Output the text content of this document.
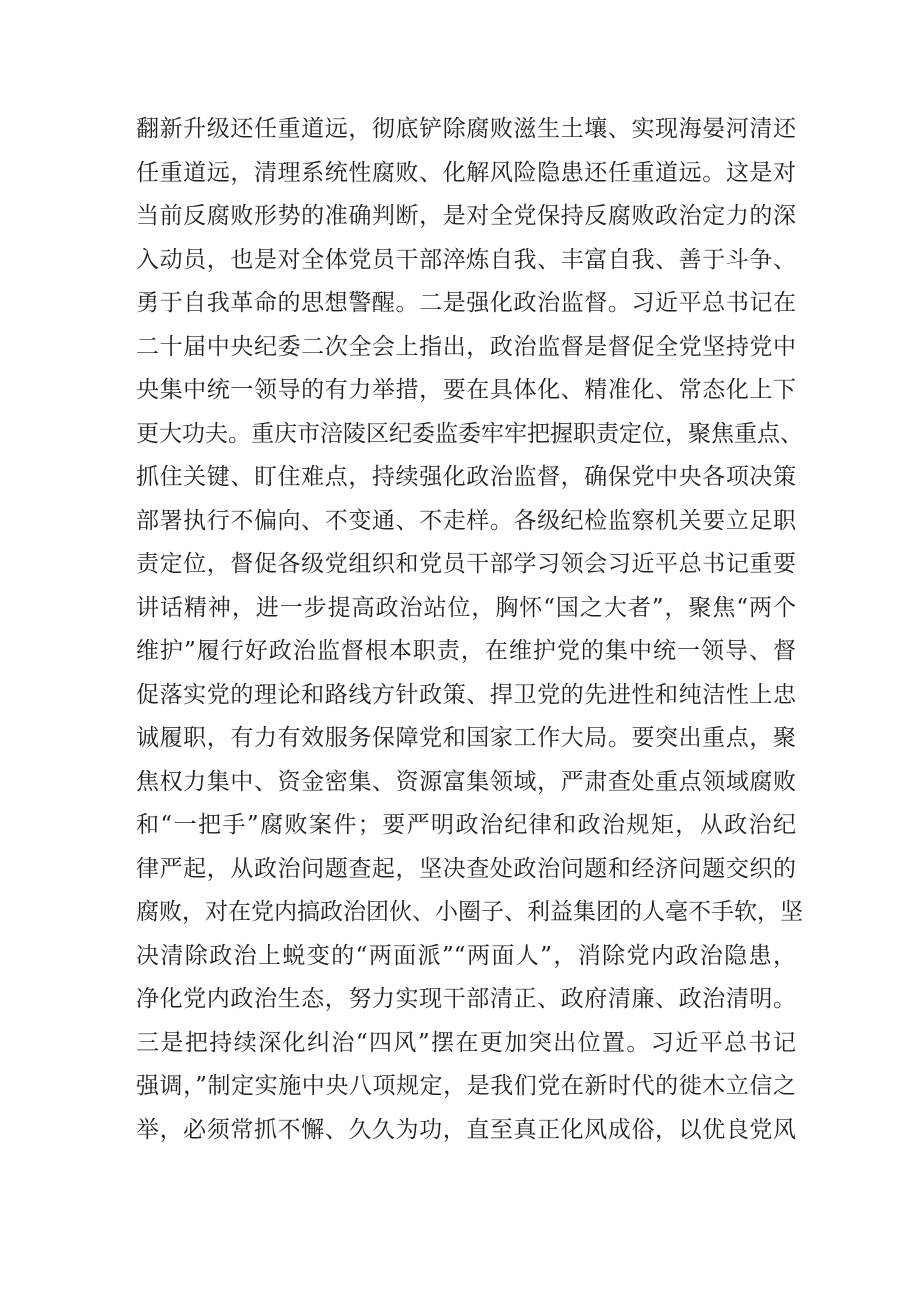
翻新升级还任重道远，彻底铲除腐败滋生土壤、实现海晏河清还
任重道远，清理系统性腐败、化解风险隐患还任重道远。这是对
当前反腐败形势的准确判断，是对全党保持反腐败政治定力的深
入动员，也是对全体党员干部淬炼自我、丰富自我、善于斗争、
勇于自我革命的思想警醒。二是强化政治监督。习近平总书记在
二十届中央纪委二次全会上指出，政治监督是督促全党坚持党中
央集中统一领导的有力举措，要在具体化、精准化、常态化上下
更大功夫。重庆市涪陵区纪委监委牢牢把握职责定位，聚焦重点、
抓住关键、盯住难点，持续强化政治监督，确保党中央各项决策
部署执行不偏向、不变通、不走样。各级纪检监察机关要立足职
责定位，督促各级党组织和党员干部学习领会习近平总书记重要
讲话精神，进一步提高政治站位，胸怀“国之大者”，聚焦“两个
维护”履行好政治监督根本职责，在维护党的集中统一领导、督
促落实党的理论和路线方针政策、捍卫党的先进性和纯洁性上忠
诚履职，有力有效服务保障党和国家工作大局。要突出重点，聚
焦权力集中、资金密集、资源富集领域，严肃查处重点领域腐败
和“一把手”腐败案件；要严明政治纪律和政治规矩，从政治纪
律严起，从政治问题查起，坚决查处政治问题和经济问题交织的
腐败，对在党内搞政治团伙、小圈子、利益集团的人毫不手软，坚
决清除政治上蜕变的“两面派”“两面人”，消除党内政治隐患，
净化党内政治生态，努力实现干部清正、政府清廉、政治清明。
三是把持续深化纠治“四风”摆在更加突出位置。习近平总书记
强调，”制定实施中央八项规定，是我们党在新时代的徙木立信之
举，必须常抓不懈、久久为功，直至真正化风成俗，以优良党风
